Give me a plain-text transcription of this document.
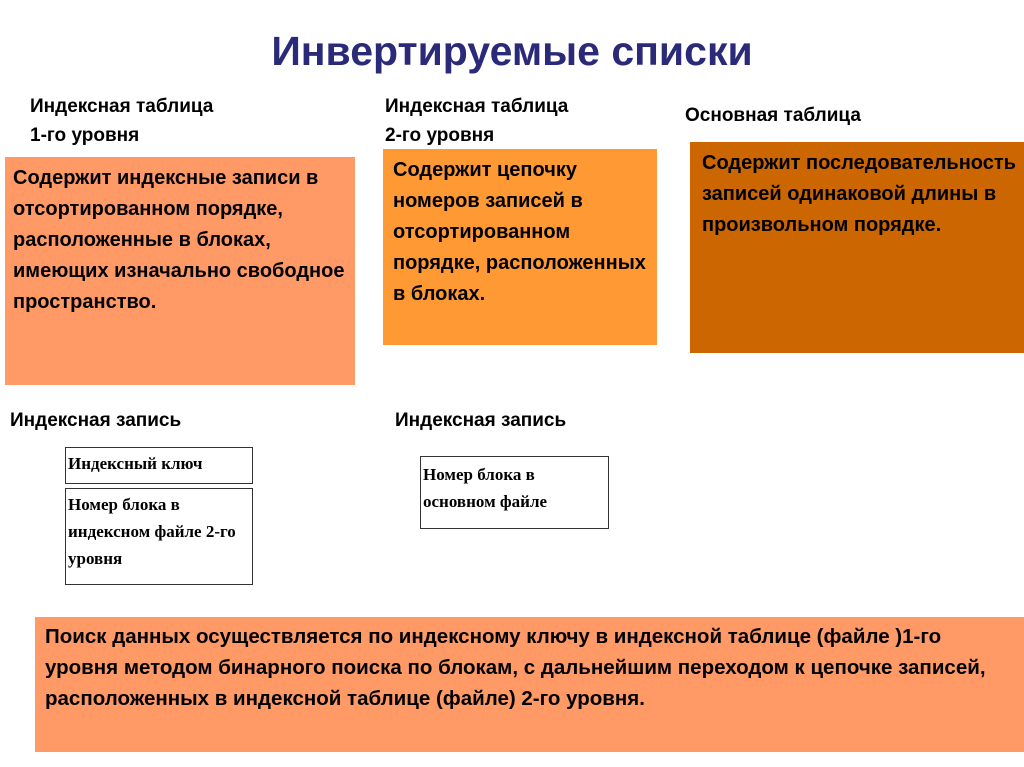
Инвертируемые списки
Индексная таблица
1-го уровня
Индексная таблица
2-го уровня
Основная таблица
Содержит индексные записи в отсортированном порядке, расположенные в блоках, имеющих изначально свободное пространство.
Содержит цепочку номеров записей в отсортированном порядке, расположенных в блоках.
Содержит последовательность записей одинаковой длины в произвольном порядке.
Индексная запись	Индексная запись
Индексный ключ
Номер блока в индексном файле 2-го уровня
Номер блока в основном файле
Поиск данных осуществляется по индексному ключу в индексной таблице (файле )1-го уровня методом бинарного поиска по блокам, с дальнейшим переходом к цепочке записей, расположенных в индексной таблице (файле) 2-го уровня.
